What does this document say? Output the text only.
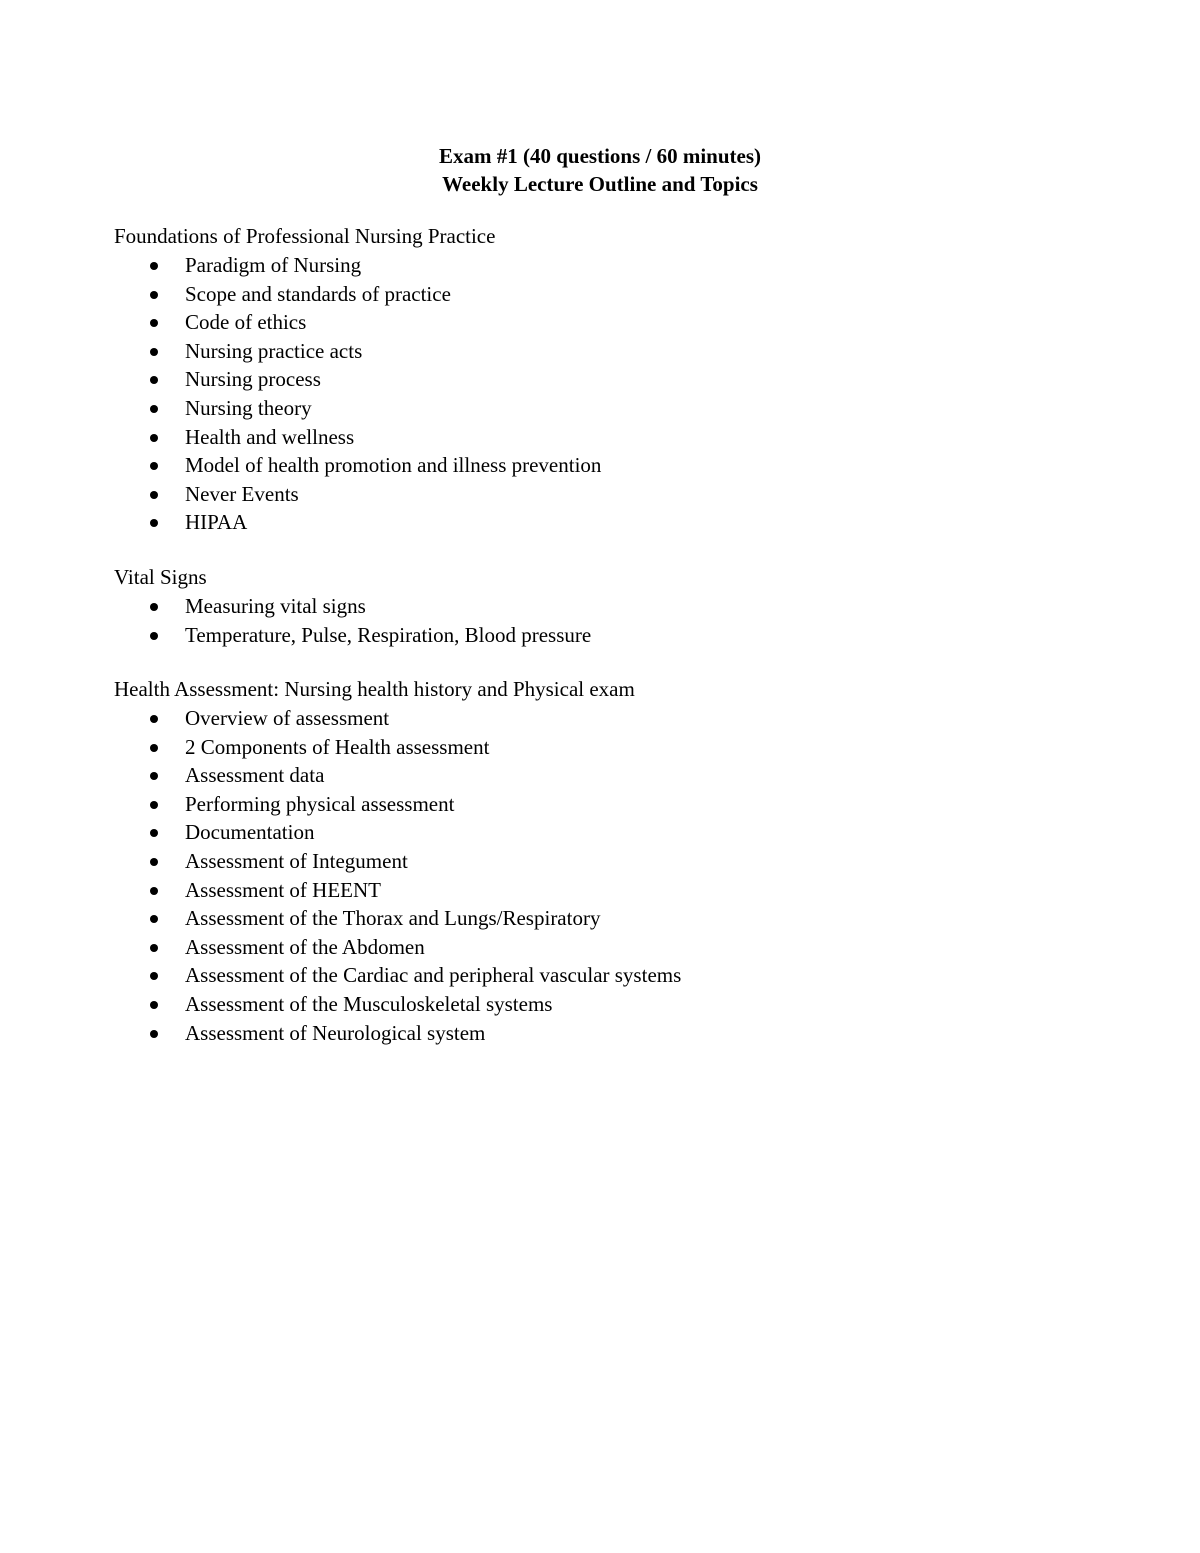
Exam #1 (40 questions / 60 minutes)
Weekly Lecture Outline and Topics

Foundations of Professional Nursing Practice

Paradigm of Nursing
Scope and standards of practice
Code of ethics
Nursing practice acts
Nursing process
Nursing theory
Health and wellness
Model of health promotion and illness prevention
Never Events
HIPAA

Vital Signs

Measuring vital signs
Temperature, Pulse, Respiration, Blood pressure

Health Assessment: Nursing health history and Physical exam

Overview of assessment
2 Components of Health assessment
Assessment data
Performing physical assessment
Documentation
Assessment of Integument
Assessment of HEENT
Assessment of the Thorax and Lungs/Respiratory
Assessment of the Abdomen
Assessment of the Cardiac and peripheral vascular systems
Assessment of the Musculoskeletal systems
Assessment of Neurological system
